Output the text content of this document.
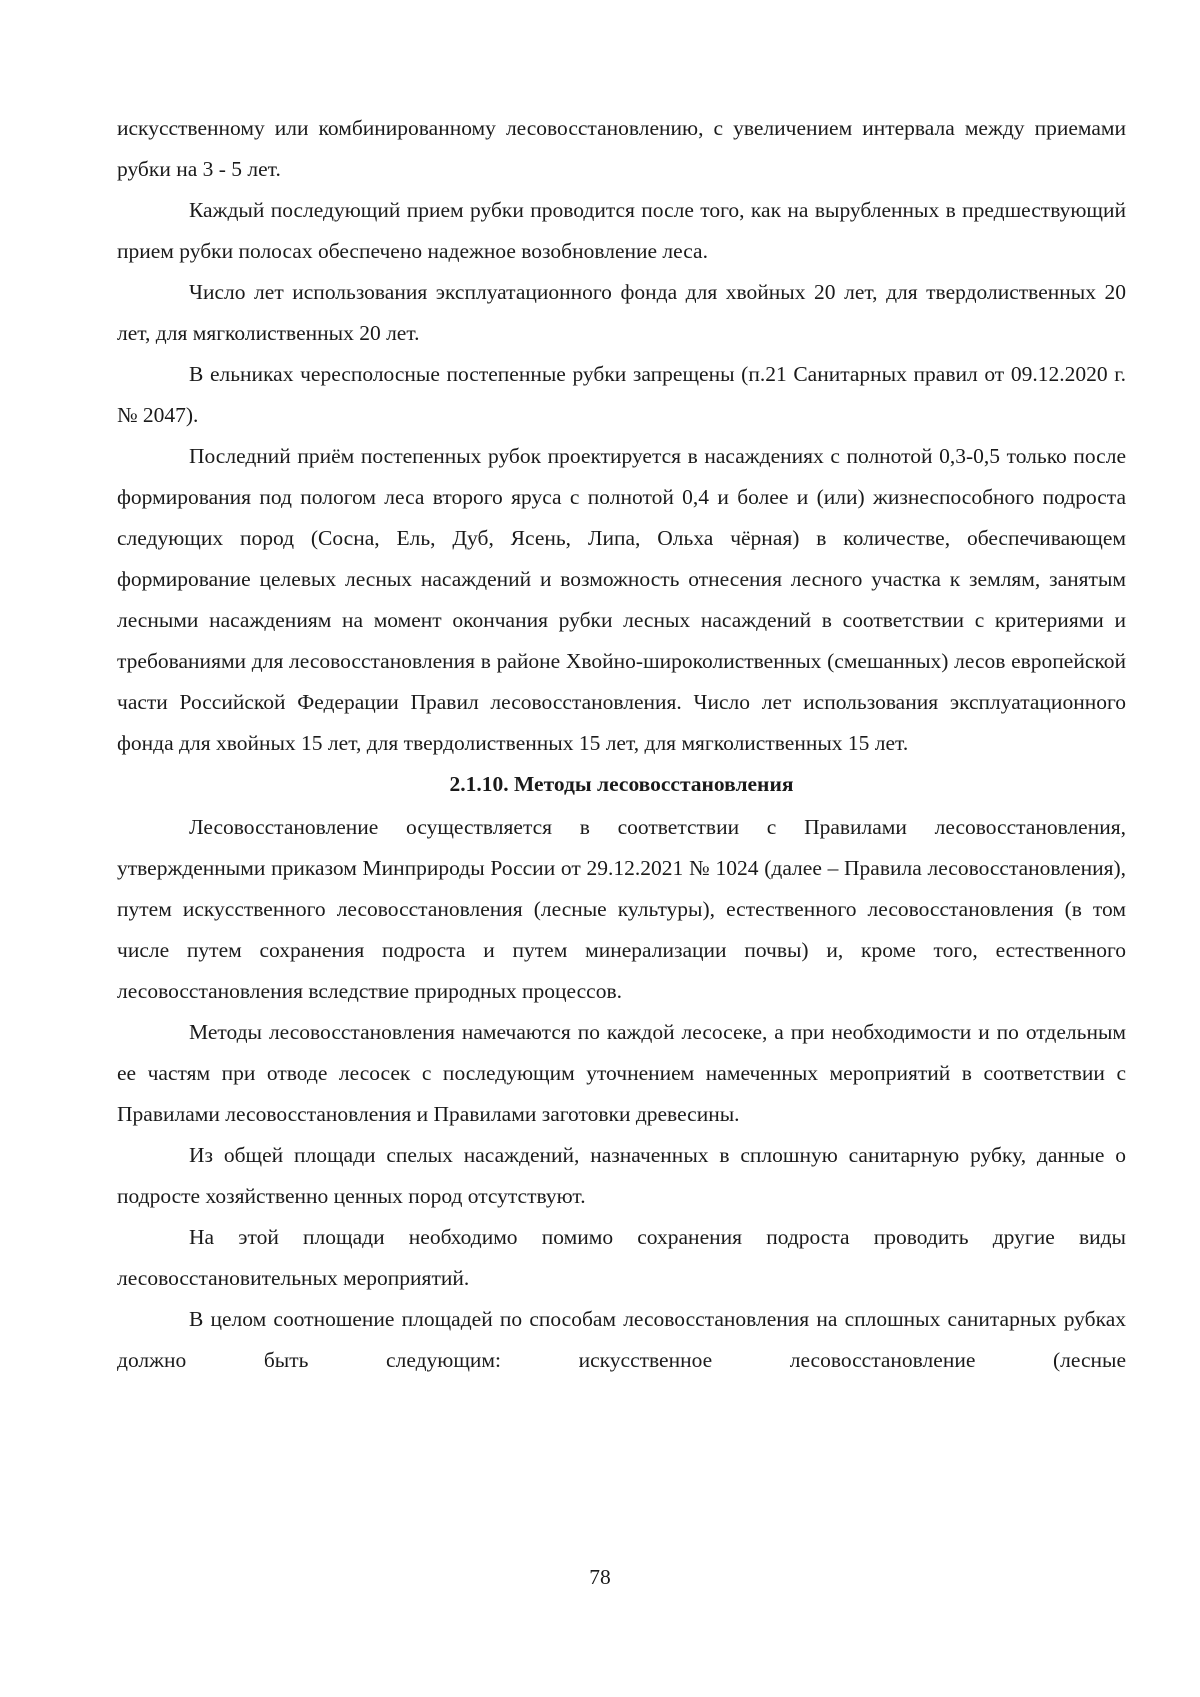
искусственному или комбинированному лесовосстановлению, с увеличением интервала между приемами рубки на 3 - 5 лет.

Каждый последующий прием рубки проводится после того, как на вырубленных в предшествующий прием рубки полосах обеспечено надежное возобновление леса.

Число лет использования эксплуатационного фонда для хвойных 20 лет, для твердолиственных 20 лет, для мягколиственных 20 лет.

В ельниках чересполосные постепенные рубки запрещены (п.21 Санитарных правил от 09.12.2020 г. № 2047).

Последний приём постепенных рубок проектируется в насаждениях с полнотой 0,3-0,5 только после формирования под пологом леса второго яруса с полнотой 0,4 и более и (или) жизнеспособного подроста следующих пород (Сосна, Ель, Дуб, Ясень, Липа, Ольха чёрная) в количестве, обеспечивающем формирование целевых лесных насаждений и возможность отнесения лесного участка к землям, занятым лесными насаждениям на момент окончания рубки лесных насаждений в соответствии с критериями и требованиями для лесовосстановления в районе Хвойно-широколиственных (смешанных) лесов европейской части Российской Федерации Правил лесовосстановления. Число лет использования эксплуатационного фонда для хвойных 15 лет, для твердолиственных 15 лет, для мягколиственных 15 лет.

2.1.10. Методы лесовосстановления

Лесовосстановление осуществляется в соответствии с Правилами лесовосстановления, утвержденными приказом Минприроды России от 29.12.2021 № 1024 (далее – Правила лесовосстановления), путем искусственного лесовосстановления (лесные культуры), естественного лесовосстановления (в том числе путем сохранения подроста и путем минерализации почвы) и, кроме того, естественного лесовосстановления вследствие природных процессов.

Методы лесовосстановления намечаются по каждой лесосеке, а при необходимости и по отдельным ее частям при отводе лесосек с последующим уточнением намеченных мероприятий в соответствии с Правилами лесовосстановления и Правилами заготовки древесины.

Из общей площади спелых насаждений, назначенных в сплошную санитарную рубку, данные о подросте хозяйственно ценных пород отсутствуют.

На этой площади необходимо помимо сохранения подроста проводить другие виды лесовосстановительных мероприятий.

В целом соотношение площадей по способам лесовосстановления на сплошных санитарных рубках должно быть следующим: искусственное лесовосстановление (лесные

78
